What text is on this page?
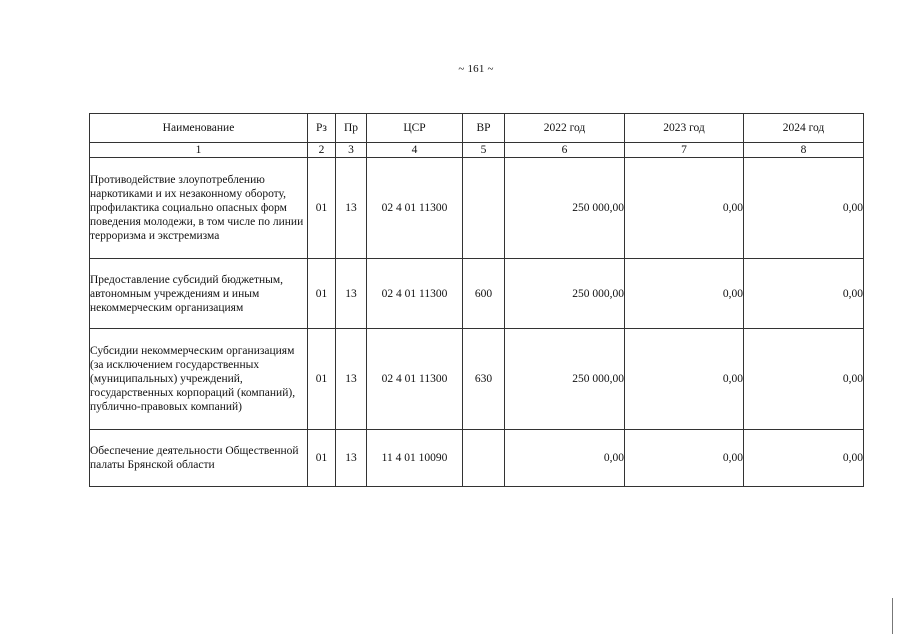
~ 161 ~
Наименование	Рз	Пр	ЦСР	ВР	2022 год	2023 год	2024 год
1	2	3	4	5	6	7	8
Противодействие злоупотреблению наркотиками и их незаконному обороту, профилактика социально опасных форм поведения молодежи, в том числе по линии терроризма и экстремизма	01	13	02 4 01 11300		250 000,00	0,00	0,00
Предоставление субсидий бюджетным, автономным учреждениям и иным некоммерческим организациям	01	13	02 4 01 11300	600	250 000,00	0,00	0,00
Субсидии некоммерческим организациям (за исключением государственных (муниципальных) учреждений, государственных корпораций (компаний), публично-правовых компаний)	01	13	02 4 01 11300	630	250 000,00	0,00	0,00
Обеспечение деятельности Общественной палаты Брянской области	01	13	11 4 01 10090		0,00	0,00	0,00
